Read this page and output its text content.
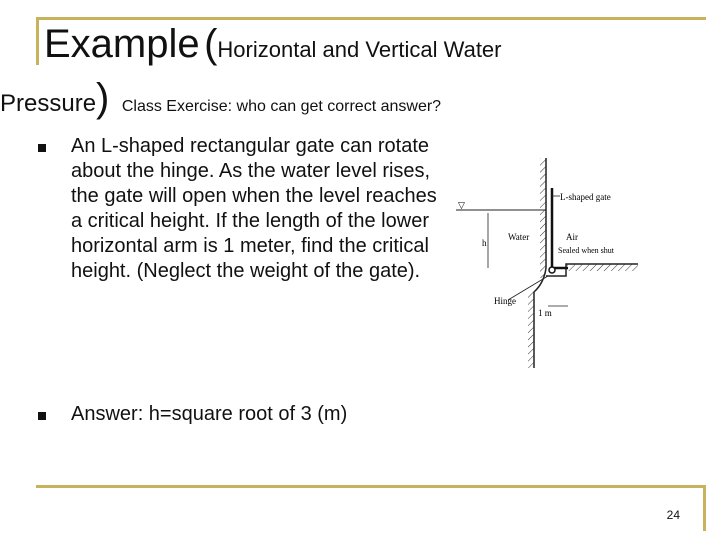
Example (Horizontal and Vertical Water
Pressure) Class Exercise: who can get correct answer?
An L-shaped rectangular gate can rotate about the hinge. As the water level rises, the gate will open when the level reaches a critical height. If the length of the lower horizontal arm is 1 meter, find the critical height. (Neglect the weight of the gate).
Answer: h=square root of 3 (m)
▽
L-shaped gate
Water	Air
Sealed when shut
h
Hinge
1 m
24
